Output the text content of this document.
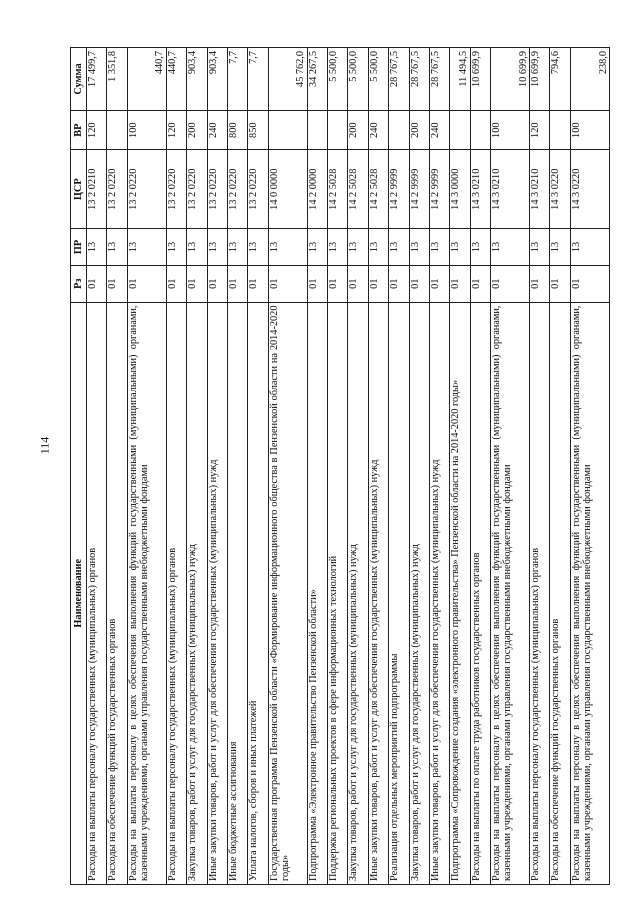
114
Наименование	Рз	ПР	ЦСР	ВР	Сумма
Расходы на выплаты персоналу государственных (муниципальных) органов	01	13	13 2 0210	120	17 499,7
Расходы на обеспечение функций государственных органов	01	13	13 2 0220		1 351,8
Расходы на выплаты персоналу в целях обеспечения выполнения функций государственными (муниципальными) органами, казенными учреждениями, органами управления государственными внебюджетными фондами	01	13	13 2 0220	100	440,7
Расходы на выплаты персоналу государственных (муниципальных) органов	01	13	13 2 0220	120	440,7
Закупка товаров, работ и услуг для государственных (муниципальных) нужд	01	13	13 2 0220	200	903,4
Иные закупки товаров, работ и услуг для обеспечения государственных (муниципальных) нужд	01	13	13 2 0220	240	903,4
Иные бюджетные ассигнования	01	13	13 2 0220	800	7,7
Уплата налогов, сборов и иных платежей	01	13	13 2 0220	850	7,7
Государственная программа Пензенской области «Формирование информационного общества в Пензенской области на 2014-2020 годы»	01	13	14 0 0000		45 762,0
Подпрограмма «Электронное правительство Пензенской области»	01	13	14 2 0000		34 267,5
Поддержка региональных проектов в сфере информационных технологий	01	13	14 2 5028		5 500,0
Закупка товаров, работ и услуг для государственных (муниципальных) нужд	01	13	14 2 5028	200	5 500,0
Иные закупки товаров, работ и услуг для обеспечения государственных (муниципальных) нужд	01	13	14 2 5028	240	5 500,0
Реализация отдельных мероприятий подпрограммы	01	13	14 2 9999		28 767,5
Закупка товаров, работ и услуг для государственных (муниципальных) нужд	01	13	14 2 9999	200	28 767,5
Иные закупки товаров, работ и услуг для обеспечения государственных (муниципальных) нужд	01	13	14 2 9999	240	28 767,5
Подпрограмма «Сопровождение создания «электронного правительства» Пензенской области на 2014-2020 годы»	01	13	14 3 0000		11 494,5
Расходы на выплаты по оплате труда работников государственных органов	01	13	14 3 0210		10 699,9
Расходы на выплаты персоналу в целях обеспечения выполнения функций государственными (муниципальными) органами, казенными учреждениями, органами управления государственными внебюджетными фондами	01	13	14 3 0210	100	10 699,9
Расходы на выплаты персоналу государственных (муниципальных) органов	01	13	14 3 0210	120	10 699,9
Расходы на обеспечение функций государственных органов	01	13	14 3 0220		794,6
Расходы на выплаты персоналу в целях обеспечения выполнения функций государственными (муниципальными) органами, казенными учреждениями, органами управления государственными внебюджетными фондами	01	13	14 3 0220	100	238,0
